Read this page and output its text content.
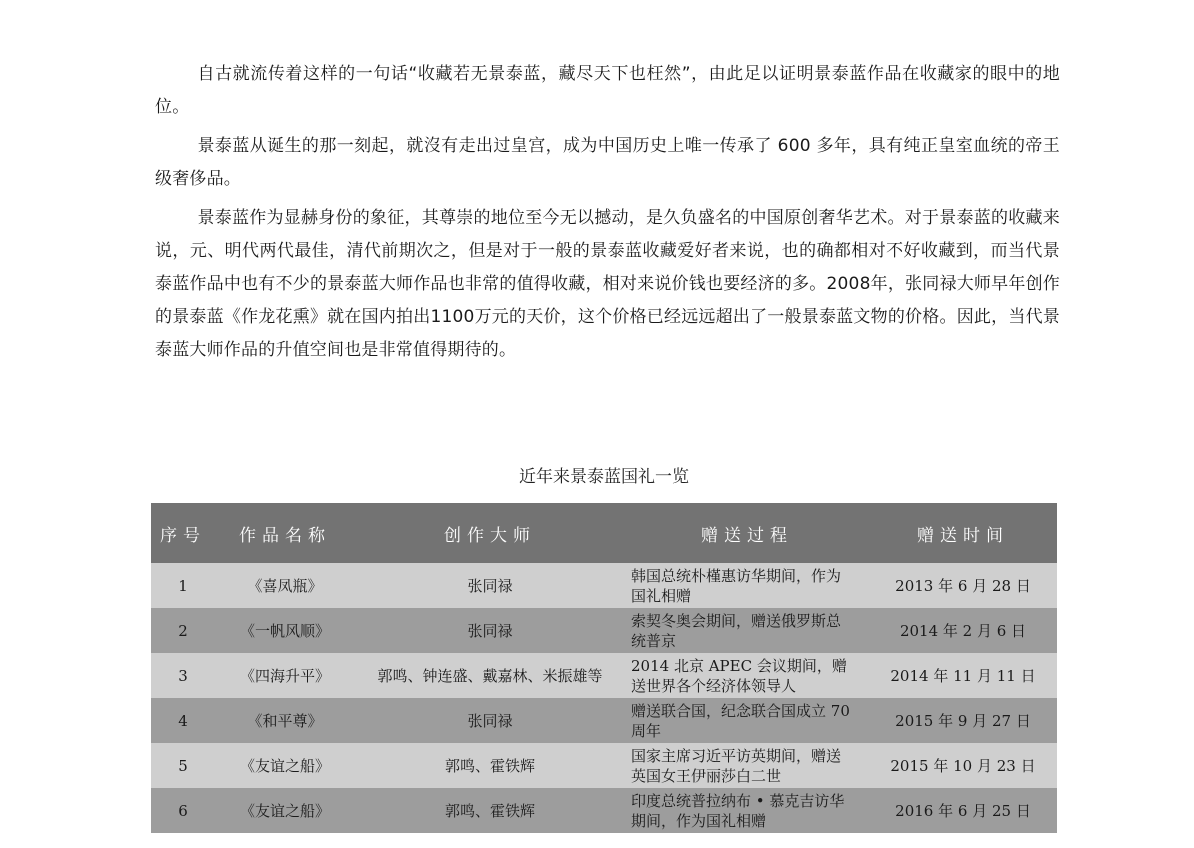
自古就流传着这样的一句话“收藏若无景泰蓝，藏尽天下也枉然”，由此足以证明景泰蓝作品在收藏家的眼中的地位。

景泰蓝从诞生的那一刻起，就沒有走出过皇宫，成为中国历史上唯一传承了 600 多年，具有纯正皇室血统的帝王级奢侈品。

景泰蓝作为显赫身份的象征，其尊崇的地位至今无以撼动，是久负盛名的中国原创奢华艺术。对于景泰蓝的收藏来说，元、明代两代最佳，清代前期次之，但是对于一般的景泰蓝收藏爱好者来说，也的确都相对不好收藏到，而当代景泰蓝作品中也有不少的景泰蓝大师作品也非常的值得收藏，相对来说价钱也要经济的多。2008年，张同禄大师早年创作的景泰蓝《作龙花熏》就在国内拍出1100万元的天价，这个价格已经远远超出了一般景泰蓝文物的价格。因此，当代景泰蓝大师作品的升值空间也是非常值得期待的。

近年来景泰蓝国礼一览
序号	作品名称	创作大师	赠送过程	赠送时间
1	《喜凤瓶》	张同禄	韩国总统朴槿惠访华期间，作为国礼相赠	2013 年 6 月 28 日
2	《一帆风顺》	张同禄	索契冬奥会期间，赠送俄罗斯总统普京	2014 年 2 月 6 日
3	《四海升平》	郭鸣、钟连盛、戴嘉林、米振雄等	2014 北京 APEC 会议期间，赠送世界各个经济体领导人	2014 年 11 月 11 日
4	《和平尊》	张同禄	赠送联合国，纪念联合国成立 70 周年	2015 年 9 月 27 日
5	《友谊之船》	郭鸣、霍铁辉	国家主席习近平访英期间，赠送英国女王伊丽莎白二世	2015 年 10 月 23 日
6	《友谊之船》	郭鸣、霍铁辉	印度总统普拉纳布 • 慕克吉访华期间，作为国礼相赠	2016 年 6 月 25 日
